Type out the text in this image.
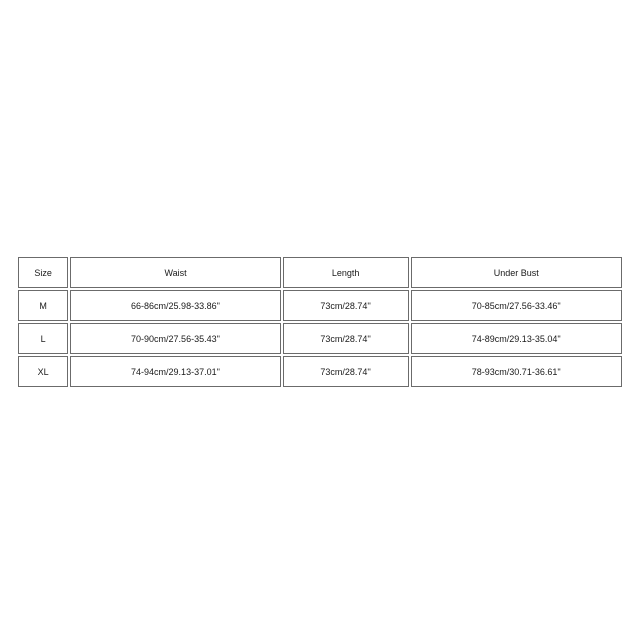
Size	Waist	Length	Under Bust
M	66-86cm/25.98-33.86''	73cm/28.74''	70-85cm/27.56-33.46''
L	70-90cm/27.56-35.43''	73cm/28.74''	74-89cm/29.13-35.04''
XL	74-94cm/29.13-37.01''	73cm/28.74''	78-93cm/30.71-36.61''
